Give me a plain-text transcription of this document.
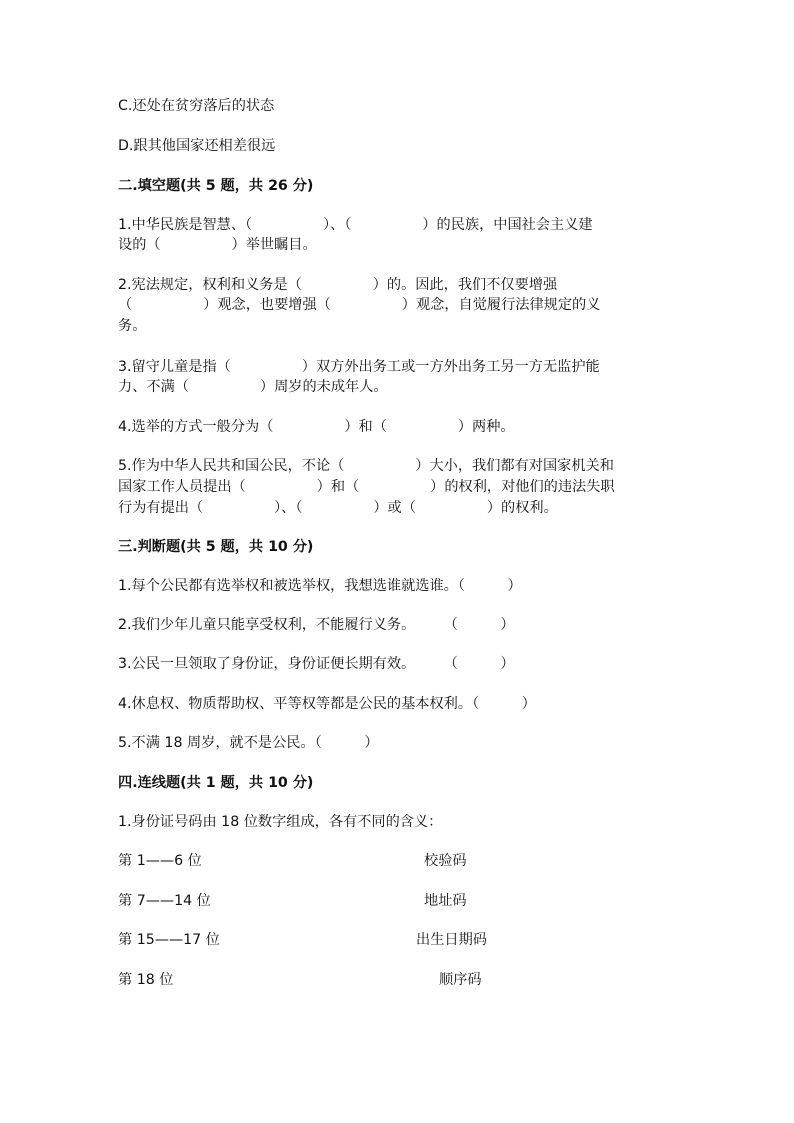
C.还处在贫穷落后的状态
D.跟其他国家还相差很远
二.填空题(共 5 题，共 26 分)
1.中华民族是智慧、（　　　　　）、（　　　　　）的民族，中国社会主义建
设的（　　　　　）举世瞩目。
2.宪法规定，权利和义务是（　　　　　）的。因此，我们不仅要增强
（　　　　　）观念，也要增强（　　　　　）观念，自觉履行法律规定的义
务。
3.留守儿童是指（　　　　　）双方外出务工或一方外出务工另一方无监护能
力、不满（　　　　　）周岁的未成年人。
4.选举的方式一般分为（　　　　　）和（　　　　　）两种。
5.作为中华人民共和国公民，不论（　　　　　）大小，我们都有对国家机关和
国家工作人员提出（　　　　　）和（　　　　　）的权利，对他们的违法失职
行为有提出（　　　　　）、（　　　　　）或（　　　　　）的权利。
三.判断题(共 5 题，共 10 分)
1.每个公民都有选举权和被选举权，我想选谁就选谁。（　　　）
2.我们少年儿童只能享受权利，不能履行义务。　　　（　　　）
3.公民一旦领取了身份证，身份证便长期有效。　　　（　　　）
4.休息权、物质帮助权、平等权等都是公民的基本权利。（　　　）
5.不满 18 周岁，就不是公民。（　　　）
四.连线题(共 1 题，共 10 分)
1.身份证号码由 18 位数字组成，各有不同的含义：
第 1——6 位	校验码
第 7——14 位	地址码
第 15——17 位	出生日期码
第 18 位	顺序码
